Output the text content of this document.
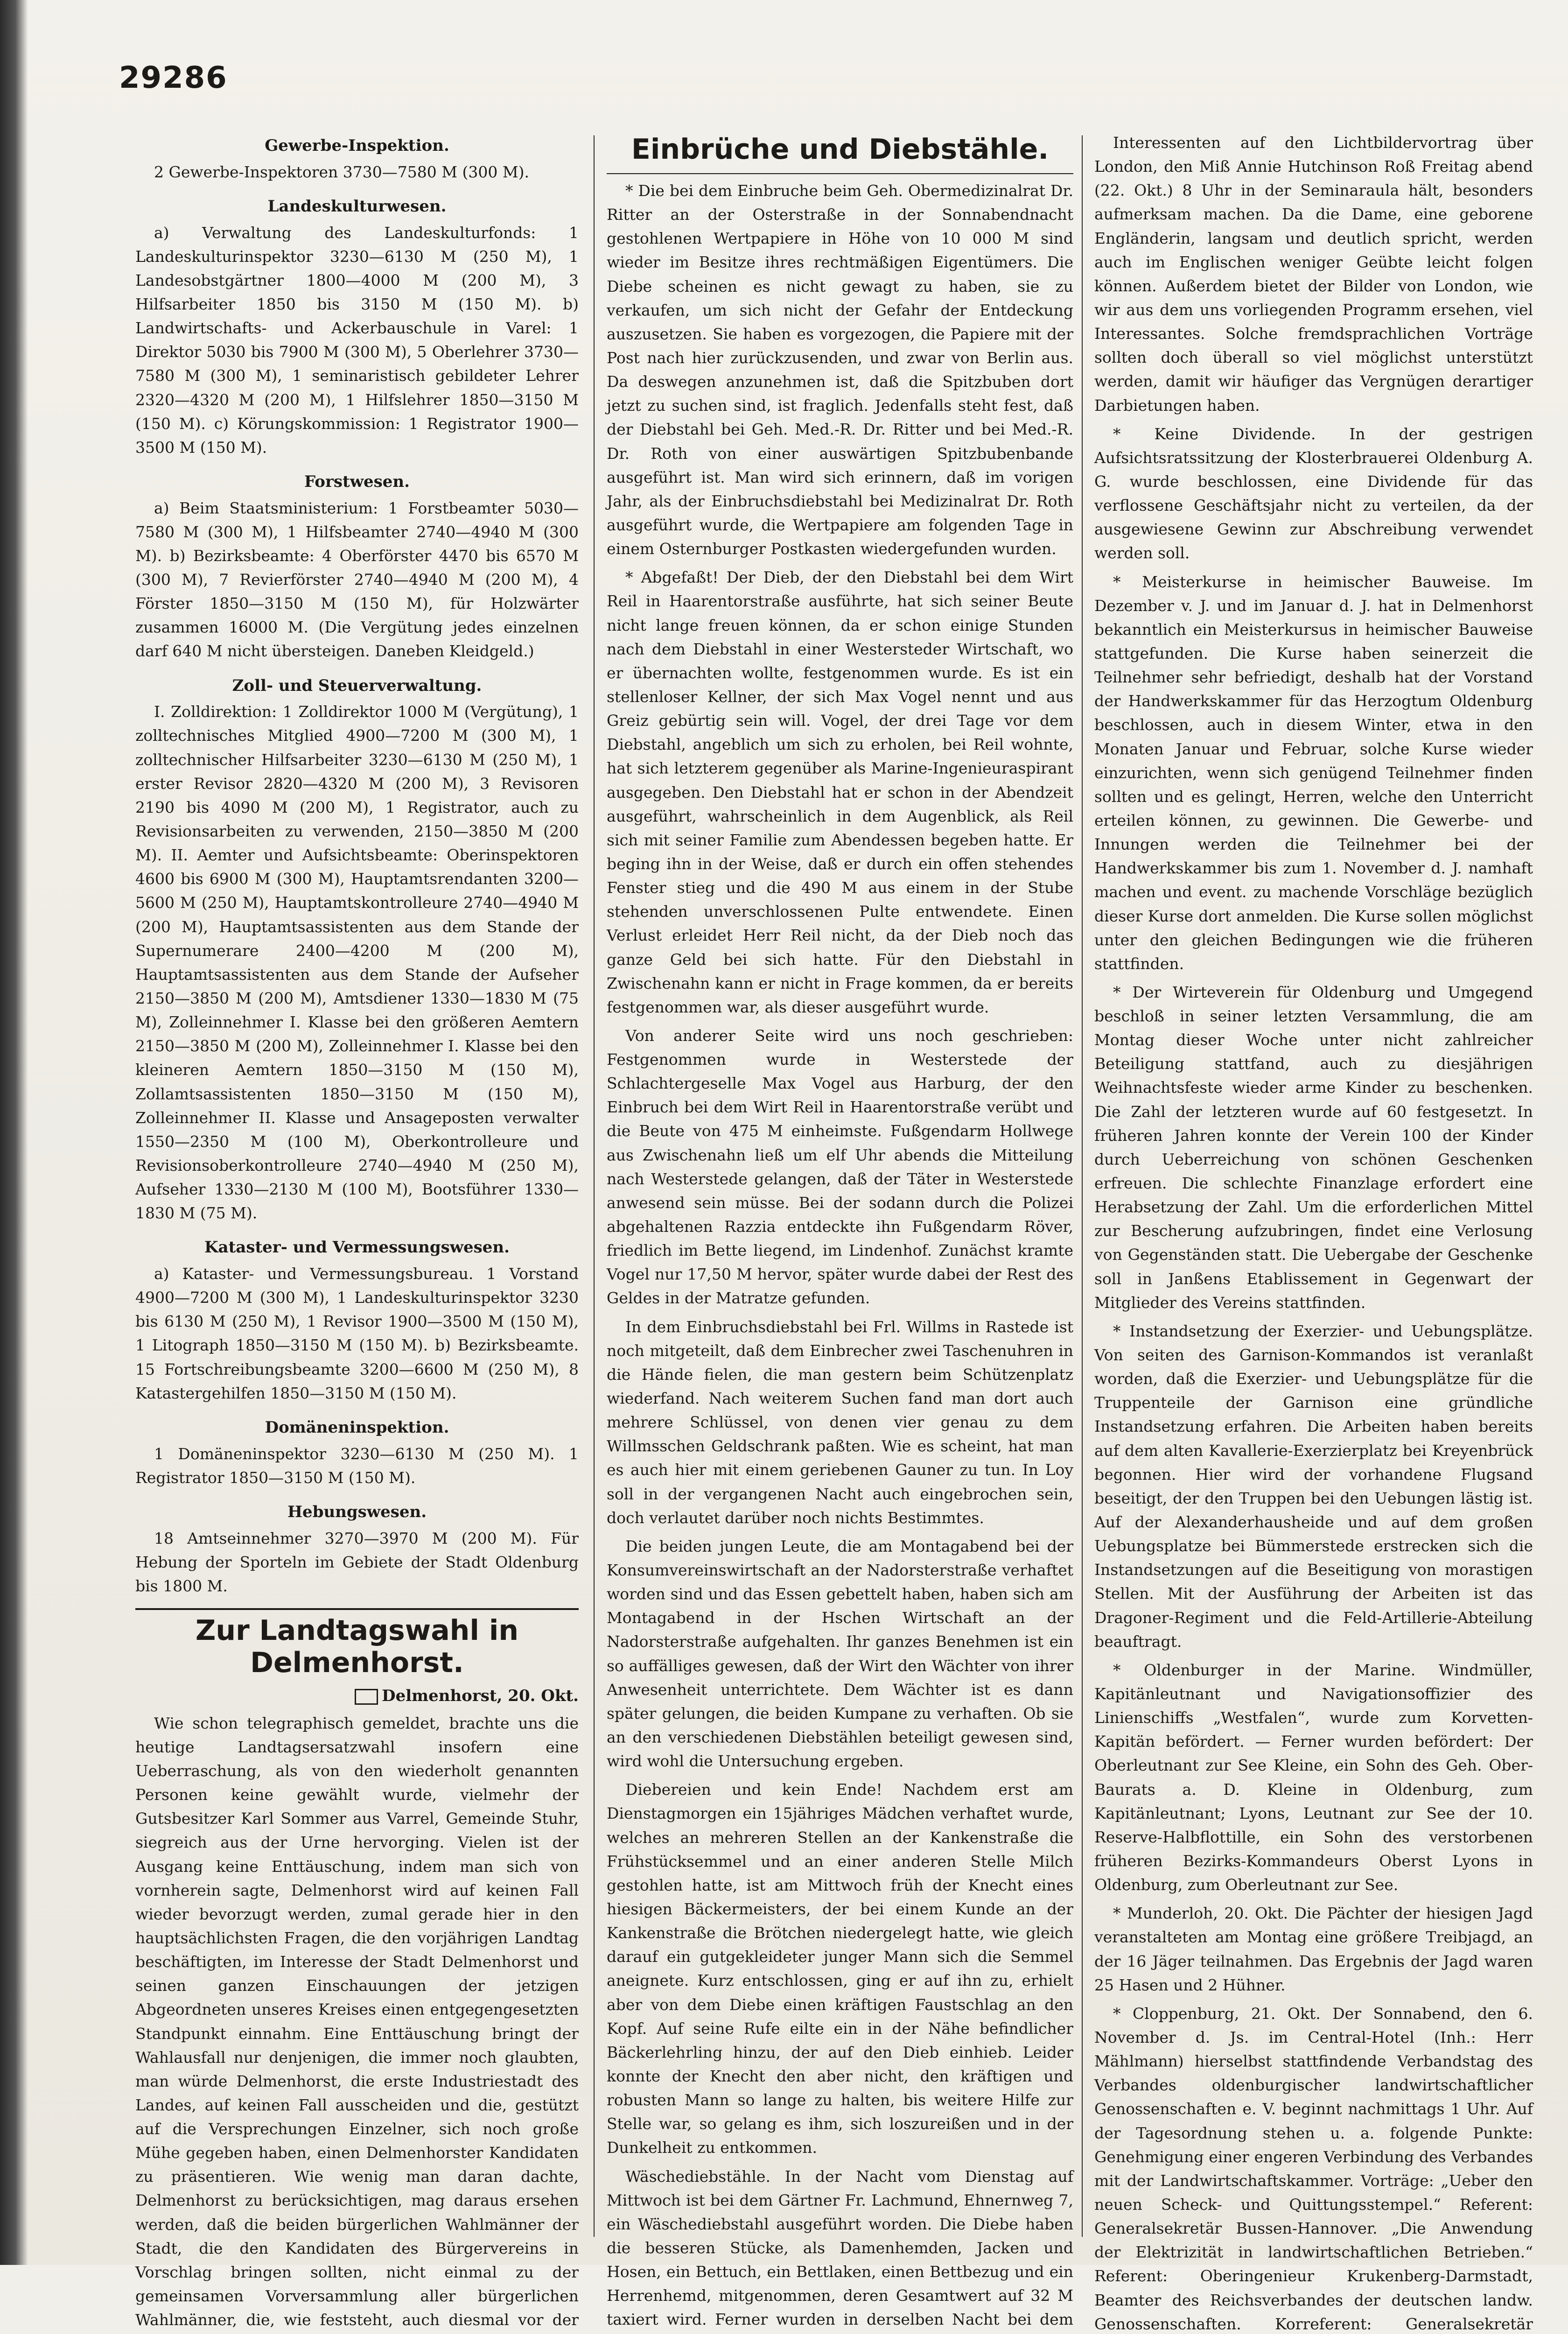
29286
Gewerbe-Inspektion.

2 Gewerbe-Inspektoren 3730—7580 M (300 M).

Landeskulturwesen.

a) Verwaltung des Landeskulturfonds: 1 Landeskulturinspektor 3230—6130 M (250 M), 1 Landesobstgärtner 1800—4000 M (200 M), 3 Hilfsarbeiter 1850 bis 3150 M (150 M). b) Landwirtschafts- und Ackerbauschule in Varel: 1 Direktor 5030 bis 7900 M (300 M), 5 Oberlehrer 3730—7580 M (300 M), 1 seminaristisch gebildeter Lehrer 2320—4320 M (200 M), 1 Hilfslehrer 1850—3150 M (150 M). c) Körungskommission: 1 Registrator 1900—3500 M (150 M).

Forstwesen.

a) Beim Staatsministerium: 1 Forstbeamter 5030—7580 M (300 M), 1 Hilfsbeamter 2740—4940 M (300 M). b) Bezirksbeamte: 4 Oberförster 4470 bis 6570 M (300 M), 7 Revierförster 2740—4940 M (200 M), 4 Förster 1850—3150 M (150 M), für Holzwärter zusammen 16000 M. (Die Vergütung jedes einzelnen darf 640 M nicht übersteigen. Daneben Kleidgeld.)

Zoll- und Steuerverwaltung.

I. Zolldirektion: 1 Zolldirektor 1000 M (Vergütung), 1 zolltechnisches Mitglied 4900—7200 M (300 M), 1 zolltechnischer Hilfsarbeiter 3230—6130 M (250 M), 1 erster Revisor 2820—4320 M (200 M), 3 Revisoren 2190 bis 4090 M (200 M), 1 Registrator, auch zu Revisionsarbeiten zu verwenden, 2150—3850 M (200 M). II. Aemter und Aufsichtsbeamte: Oberinspektoren 4600 bis 6900 M (300 M), Hauptamtsrendanten 3200—5600 M (250 M), Hauptamtskontrolleure 2740—4940 M (200 M), Hauptamtsassistenten aus dem Stande der Supernumerare 2400—4200 M (200 M), Hauptamtsassistenten aus dem Stande der Aufseher 2150—3850 M (200 M), Amtsdiener 1330—1830 M (75 M), Zolleinnehmer I. Klasse bei den größeren Aemtern 2150—3850 M (200 M), Zolleinnehmer I. Klasse bei den kleineren Aemtern 1850—3150 M (150 M), Zollamtsassistenten 1850—3150 M (150 M), Zolleinnehmer II. Klasse und Ansageposten verwalter 1550—2350 M (100 M), Oberkontrolleure und Revisionsoberkontrolleure 2740—4940 M (250 M), Aufseher 1330—2130 M (100 M), Bootsführer 1330—1830 M (75 M).

Kataster- und Vermessungswesen.

a) Kataster- und Vermessungsbureau. 1 Vorstand 4900—7200 M (300 M), 1 Landeskulturinspektor 3230 bis 6130 M (250 M), 1 Revisor 1900—3500 M (150 M), 1 Litograph 1850—3150 M (150 M). b) Bezirksbeamte. 15 Fortschreibungsbeamte 3200—6600 M (250 M), 8 Katastergehilfen 1850—3150 M (150 M).

Domäneninspektion.

1 Domäneninspektor 3230—6130 M (250 M). 1 Registrator 1850—3150 M (150 M).

Hebungswesen.

18 Amtseinnehmer 3270—3970 M (200 M). Für Hebung der Sporteln im Gebiete der Stadt Oldenburg bis 1800 M.

Zur Landtagswahl in Delmenhorst.
Delmenhorst, 20. Okt.

Wie schon telegraphisch gemeldet, brachte uns die heutige Landtagsersatzwahl insofern eine Ueberraschung, als von den wiederholt genannten Personen keine gewählt wurde, vielmehr der Gutsbesitzer Karl Sommer aus Varrel, Gemeinde Stuhr, siegreich aus der Urne hervorging. Vielen ist der Ausgang keine Enttäuschung, indem man sich von vornherein sagte, Delmenhorst wird auf keinen Fall wieder bevorzugt werden, zumal gerade hier in den hauptsächlichsten Fragen, die den vorjährigen Landtag beschäftigten, im Interesse der Stadt Delmenhorst und seinen ganzen Einschauungen der jetzigen Abgeordneten unseres Kreises einen entgegengesetzten Standpunkt einnahm. Eine Enttäuschung bringt der Wahlausfall nur denjenigen, die immer noch glaubten, man würde Delmenhorst, die erste Industriestadt des Landes, auf keinen Fall ausscheiden und die, gestützt auf die Versprechungen Einzelner, sich noch große Mühe gegeben haben, einen Delmenhorster Kandidaten zu präsentieren. Wie wenig man daran dachte, Delmenhorst zu berücksichtigen, mag daraus ersehen werden, daß die beiden bürgerlichen Wahlmänner der Stadt, die den Kandidaten des Bürgervereins in Vorschlag bringen sollten, nicht einmal zu der gemeinsamen Vorversammlung aller bürgerlichen Wahlmänner, die, wie feststeht, auch diesmal vor der

Einbrüche und Diebstähle.

* Die bei dem Einbruche beim Geh. Obermedizinalrat Dr. Ritter an der Osterstraße in der Sonnabendnacht gestohlenen Wertpapiere in Höhe von 10 000 M sind wieder im Besitze ihres rechtmäßigen Eigentümers. Die Diebe scheinen es nicht gewagt zu haben, sie zu verkaufen, um sich nicht der Gefahr der Entdeckung auszusetzen. Sie haben es vorgezogen, die Papiere mit der Post nach hier zurückzusenden, und zwar von Berlin aus. Da deswegen anzunehmen ist, daß die Spitzbuben dort jetzt zu suchen sind, ist fraglich. Jedenfalls steht fest, daß der Diebstahl bei Geh. Med.-R. Dr. Ritter und bei Med.-R. Dr. Roth von einer auswärtigen Spitzbubenbande ausgeführt ist. Man wird sich erinnern, daß im vorigen Jahr, als der Einbruchsdiebstahl bei Medizinalrat Dr. Roth ausgeführt wurde, die Wertpapiere am folgenden Tage in einem Osternburger Postkasten wiedergefunden wurden.

* Abgefaßt! Der Dieb, der den Diebstahl bei dem Wirt Reil in Haarentorstraße ausführte, hat sich seiner Beute nicht lange freuen können, da er schon einige Stunden nach dem Diebstahl in einer Westersteder Wirtschaft, wo er übernachten wollte, festgenommen wurde. Es ist ein stellenloser Kellner, der sich Max Vogel nennt und aus Greiz gebürtig sein will. Vogel, der drei Tage vor dem Diebstahl, angeblich um sich zu erholen, bei Reil wohnte, hat sich letzterem gegenüber als Marine-Ingenieuraspirant ausgegeben. Den Diebstahl hat er schon in der Abendzeit ausgeführt, wahrscheinlich in dem Augenblick, als Reil sich mit seiner Familie zum Abendessen begeben hatte. Er beging ihn in der Weise, daß er durch ein offen stehendes Fenster stieg und die 490 M aus einem in der Stube stehenden unverschlossenen Pulte entwendete. Einen Verlust erleidet Herr Reil nicht, da der Dieb noch das ganze Geld bei sich hatte. Für den Diebstahl in Zwischenahn kann er nicht in Frage kommen, da er bereits festgenommen war, als dieser ausgeführt wurde.

Von anderer Seite wird uns noch geschrieben: Festgenommen wurde in Westerstede der Schlachtergeselle Max Vogel aus Harburg, der den Einbruch bei dem Wirt Reil in Haarentorstraße verübt und die Beute von 475 M einheimste. Fußgendarm Hollwege aus Zwischenahn ließ um elf Uhr abends die Mitteilung nach Westerstede gelangen, daß der Täter in Westerstede anwesend sein müsse. Bei der sodann durch die Polizei abgehaltenen Razzia entdeckte ihn Fußgendarm Röver, friedlich im Bette liegend, im Lindenhof. Zunächst kramte Vogel nur 17,50 M hervor, später wurde dabei der Rest des Geldes in der Matratze gefunden.

In dem Einbruchsdiebstahl bei Frl. Willms in Rastede ist noch mitgeteilt, daß dem Einbrecher zwei Taschenuhren in die Hände fielen, die man gestern beim Schützenplatz wiederfand. Nach weiterem Suchen fand man dort auch mehrere Schlüssel, von denen vier genau zu dem Willmsschen Geldschrank paßten. Wie es scheint, hat man es auch hier mit einem geriebenen Gauner zu tun. In Loy soll in der vergangenen Nacht auch eingebrochen sein, doch verlautet darüber noch nichts Bestimmtes.

Die beiden jungen Leute, die am Montagabend bei der Konsumvereinswirtschaft an der Nadorsterstraße verhaftet worden sind und das Essen gebettelt haben, haben sich am Montagabend in der Hschen Wirtschaft an der Nadorsterstraße aufgehalten. Ihr ganzes Benehmen ist ein so auffälliges gewesen, daß der Wirt den Wächter von ihrer Anwesenheit unterrichtete. Dem Wächter ist es dann später gelungen, die beiden Kumpane zu verhaften. Ob sie an den verschiedenen Diebstählen beteiligt gewesen sind, wird wohl die Untersuchung ergeben.

Diebereien und kein Ende! Nachdem erst am Dienstagmorgen ein 15jähriges Mädchen verhaftet wurde, welches an mehreren Stellen an der Kankenstraße die Frühstücksemmel und an einer anderen Stelle Milch gestohlen hatte, ist am Mittwoch früh der Knecht eines hiesigen Bäckermeisters, der bei einem Kunde an der Kankenstraße die Brötchen niedergelegt hatte, wie gleich darauf ein gutgekleideter junger Mann sich die Semmel aneignete. Kurz entschlossen, ging er auf ihn zu, erhielt aber von dem Diebe einen kräftigen Faustschlag an den Kopf. Auf seine Rufe eilte ein in der Nähe befindlicher Bäckerlehrling hinzu, der auf den Dieb einhieb. Leider konnte der Knecht den aber nicht, den kräftigen und robusten Mann so lange zu halten, bis weitere Hilfe zur Stelle war, so gelang es ihm, sich loszureißen und in der Dunkelheit zu entkommen.

Wäschediebstähle. In der Nacht vom Dienstag auf Mittwoch ist bei dem Gärtner Fr. Lachmund, Ehnernweg 7, ein Wäschediebstahl ausgeführt worden. Die Diebe haben die besseren Stücke, als Damenhemden, Jacken und Hosen, ein Bettuch, ein Bettlaken, einen Bettbezug und ein Herrenhemd, mitgenommen, deren Gesamtwert auf 32 M taxiert wird. Ferner wurden in derselben Nacht bei dem

Interessenten auf den Lichtbildervortrag über London, den Miß Annie Hutchinson Roß Freitag abend (22. Okt.) 8 Uhr in der Seminaraula hält, besonders aufmerksam machen. Da die Dame, eine geborene Engländerin, langsam und deutlich spricht, werden auch im Englischen weniger Geübte leicht folgen können. Außerdem bietet der Bilder von London, wie wir aus dem uns vorliegenden Programm ersehen, viel Interessantes. Solche fremdsprachlichen Vorträge sollten doch überall so viel möglichst unterstützt werden, damit wir häufiger das Vergnügen derartiger Darbietungen haben.

* Keine Dividende. In der gestrigen Aufsichtsratssitzung der Klosterbrauerei Oldenburg A. G. wurde beschlossen, eine Dividende für das verflossene Geschäftsjahr nicht zu verteilen, da der ausgewiesene Gewinn zur Abschreibung verwendet werden soll.

* Meisterkurse in heimischer Bauweise. Im Dezember v. J. und im Januar d. J. hat in Delmenhorst bekanntlich ein Meisterkursus in heimischer Bauweise stattgefunden. Die Kurse haben seinerzeit die Teilnehmer sehr befriedigt, deshalb hat der Vorstand der Handwerkskammer für das Herzogtum Oldenburg beschlossen, auch in diesem Winter, etwa in den Monaten Januar und Februar, solche Kurse wieder einzurichten, wenn sich genügend Teilnehmer finden sollten und es gelingt, Herren, welche den Unterricht erteilen können, zu gewinnen. Die Gewerbe- und Innungen werden die Teilnehmer bei der Handwerkskammer bis zum 1. November d. J. namhaft machen und event. zu machende Vorschläge bezüglich dieser Kurse dort anmelden. Die Kurse sollen möglichst unter den gleichen Bedingungen wie die früheren stattfinden.

* Der Wirteverein für Oldenburg und Umgegend beschloß in seiner letzten Versammlung, die am Montag dieser Woche unter nicht zahlreicher Beteiligung stattfand, auch zu diesjährigen Weihnachtsfeste wieder arme Kinder zu beschenken. Die Zahl der letzteren wurde auf 60 festgesetzt. In früheren Jahren konnte der Verein 100 der Kinder durch Ueberreichung von schönen Geschenken erfreuen. Die schlechte Finanzlage erfordert eine Herabsetzung der Zahl. Um die erforderlichen Mittel zur Bescherung aufzubringen, findet eine Verlosung von Gegenständen statt. Die Uebergabe der Geschenke soll in Janßens Etablissement in Gegenwart der Mitglieder des Vereins stattfinden.

* Instandsetzung der Exerzier- und Uebungsplätze. Von seiten des Garnison-Kommandos ist veranlaßt worden, daß die Exerzier- und Uebungsplätze für die Truppenteile der Garnison eine gründliche Instandsetzung erfahren. Die Arbeiten haben bereits auf dem alten Kavallerie-Exerzierplatz bei Kreyenbrück begonnen. Hier wird der vorhandene Flugsand beseitigt, der den Truppen bei den Uebungen lästig ist. Auf der Alexanderhausheide und auf dem großen Uebungsplatze bei Bümmerstede erstrecken sich die Instandsetzungen auf die Beseitigung von morastigen Stellen. Mit der Ausführung der Arbeiten ist das Dragoner-Regiment und die Feld-Artillerie-Abteilung beauftragt.

* Oldenburger in der Marine. Windmüller, Kapitänleutnant und Navigationsoffizier des Linienschiffs „Westfalen“, wurde zum Korvetten-Kapitän befördert. — Ferner wurden befördert: Der Oberleutnant zur See Kleine, ein Sohn des Geh. Ober-Baurats a. D. Kleine in Oldenburg, zum Kapitänleutnant; Lyons, Leutnant zur See der 10. Reserve-Halbflottille, ein Sohn des verstorbenen früheren Bezirks-Kommandeurs Oberst Lyons in Oldenburg, zum Oberleutnant zur See.

* Munderloh, 20. Okt. Die Pächter der hiesigen Jagd veranstalteten am Montag eine größere Treibjagd, an der 16 Jäger teilnahmen. Das Ergebnis der Jagd waren 25 Hasen und 2 Hühner.

* Cloppenburg, 21. Okt. Der Sonnabend, den 6. November d. Js. im Central-Hotel (Inh.: Herr Mählmann) hierselbst stattfindende Verbandstag des Verbandes oldenburgischer landwirtschaftlicher Genossenschaften e. V. beginnt nachmittags 1 Uhr. Auf der Tagesordnung stehen u. a. folgende Punkte: Genehmigung einer engeren Verbindung des Verbandes mit der Landwirtschaftskammer. Vorträge: „Ueber den neuen Scheck- und Quittungsstempel.“ Referent: Generalsekretär Bussen-Hannover. „Die Anwendung der Elektrizität in landwirtschaftlichen Betrieben.“ Referent: Oberingenieur Krukenberg-Darmstadt, Beamter des Reichsverbandes der deutschen landw. Genossenschaften. Korreferent: Generalsekretär
